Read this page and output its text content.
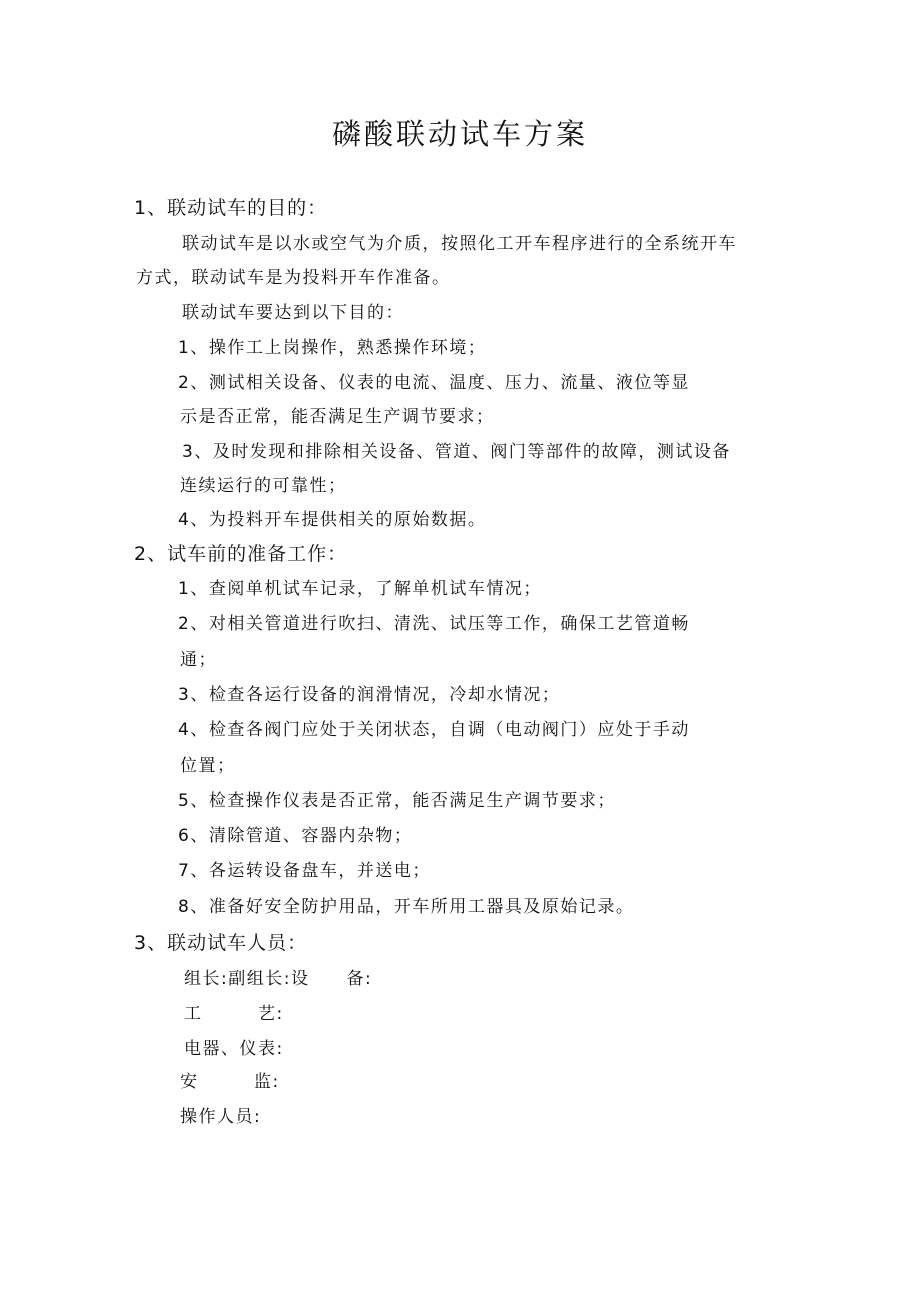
磷酸联动试车方案
1、联动试车的目的：
联动试车是以水或空气为介质，按照化工开车程序进行的全系统开车
方式，联动试车是为投料开车作准备。
联动试车要达到以下目的：
1、操作工上岗操作，熟悉操作环境；
2、测试相关设备、仪表的电流、温度、压力、流量、液位等显
示是否正常，能否满足生产调节要求；
3、及时发现和排除相关设备、管道、阀门等部件的故障，测试设备
连续运行的可靠性；
4、为投料开车提供相关的原始数据。
2、试车前的准备工作：
1、查阅单机试车记录，了解单机试车情况；
2、对相关管道进行吹扫、清洗、试压等工作，确保工艺管道畅
通；
3、检查各运行设备的润滑情况，冷却水情况；
4、检查各阀门应处于关闭状态，自调（电动阀门）应处于手动
位置；
5、检查操作仪表是否正常，能否满足生产调节要求；
6、清除管道、容器内杂物；
7、各运转设备盘车，并送电；
8、准备好安全防护用品，开车所用工器具及原始记录。
3、联动试车人员：
组长:副组长:设　　备:
工　　　艺:
电器、仪表:
安　　　监:
操作人员:
